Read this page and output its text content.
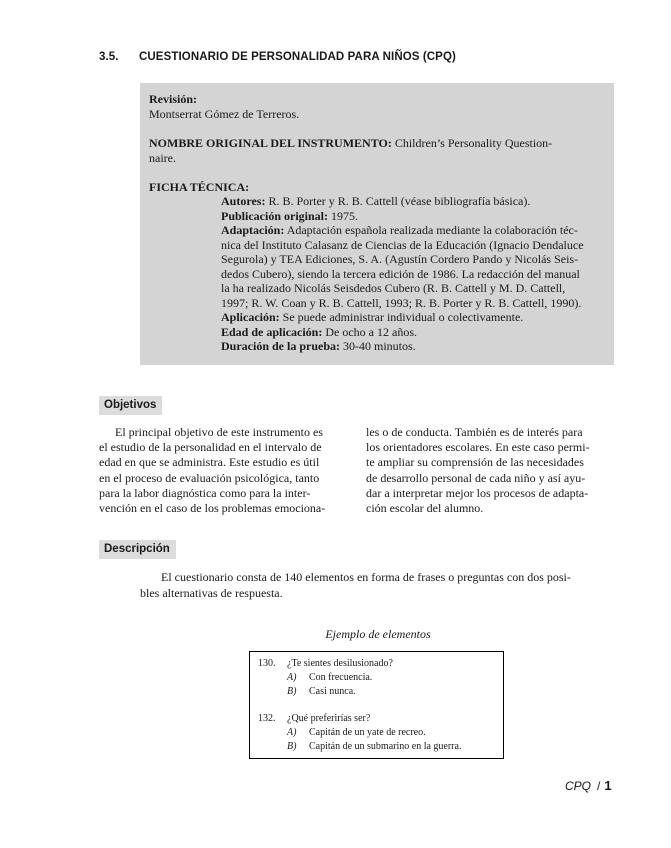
3.5. CUESTIONARIO DE PERSONALIDAD PARA NIÑOS (CPQ)
Revisión:
Montserrat Gómez de Terreros.
NOMBRE ORIGINAL DEL INSTRUMENTO: Children’s Personality Question-
naire.
FICHA TÉCNICA:
Autores: R. B. Porter y R. B. Cattell (véase bibliografía básica).
Publicación original: 1975.
Adaptación: Adaptación española realizada mediante la colaboración téc-
nica del Instituto Calasanz de Ciencias de la Educación (Ignacio Dendaluce
Segurola) y TEA Ediciones, S. A. (Agustín Cordero Pando y Nicolás Seis-
dedos Cubero), siendo la tercera edición de 1986. La redacción del manual
la ha realizado Nicolás Seisdedos Cubero (R. B. Cattell y M. D. Cattell,
1997; R. W. Coan y R. B. Cattell, 1993; R. B. Porter y R. B. Cattell, 1990).
Aplicación: Se puede administrar individual o colectivamente.
Edad de aplicación: De ocho a 12 años.
Duración de la prueba: 30-40 minutos.
Objetivos

El principal objetivo de este instrumento es

el estudio de la personalidad en el intervalo de

edad en que se administra. Este estudio es útil

en el proceso de evaluación psicológica, tanto

para la labor diagnóstica como para la inter-

vención en el caso de los problemas emociona-

les o de conducta. También es de interés para

los orientadores escolares. En este caso permi-

te ampliar su comprensión de las necesidades

de desarrollo personal de cada niño y así ayu-

dar a interpretar mejor los procesos de adapta-

ción escolar del alumno.

Descripción
El cuestionario consta de 140 elementos en forma de frases o preguntas con dos posi-
bles alternativas de respuesta.
Ejemplo de elementos
130. ¿Te sientes desilusionado?
A) Con frecuencia.
B) Casi nunca.
132. ¿Qué preferirías ser?
A) Capitán de un yate de recreo.
B) Capitán de un submarino en la guerra.
CPQ / 1
